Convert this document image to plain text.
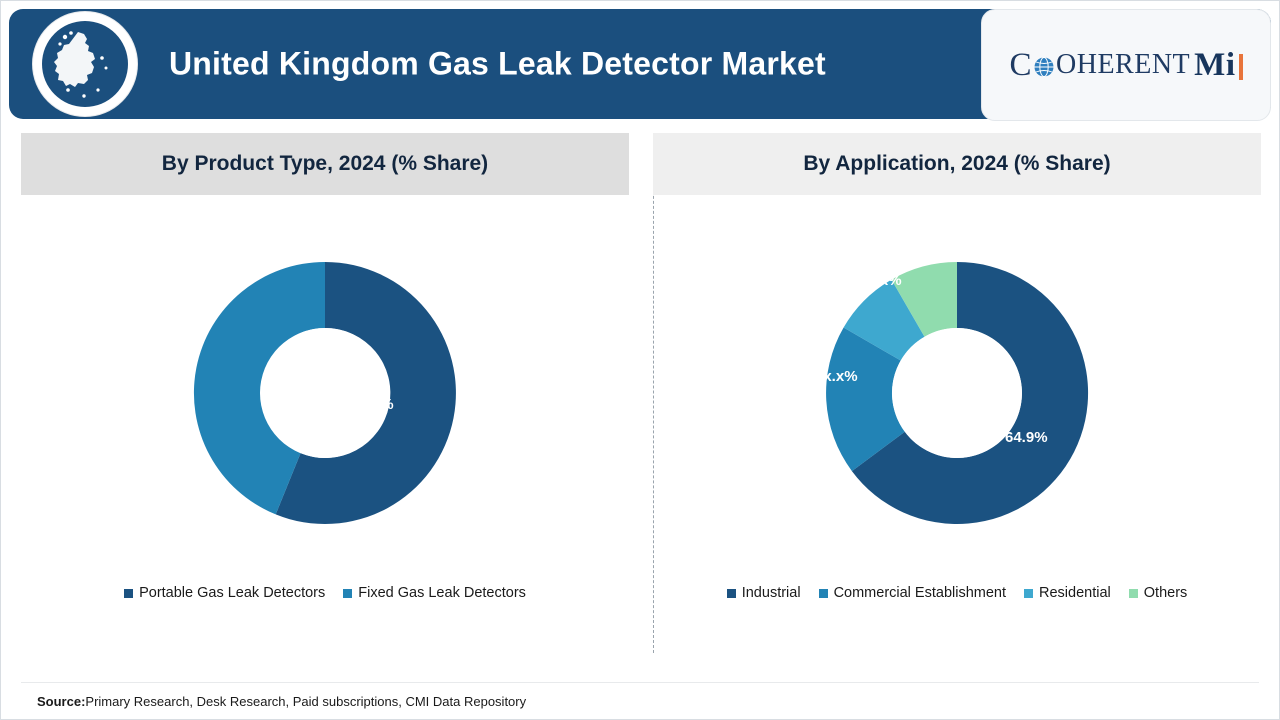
United Kingdom Gas Leak Detector Market	C OHERENT Mi
By Product Type, 2024 (% Share)
57.6%
xx.x%
Portable Gas Leak Detectors Fixed Gas Leak Detectors
By Application, 2024 (% Share)
64.9%
xx.x%
xx.x%
xx.x%
Industrial Commercial Establishment Residential Others
Source: Primary Research, Desk Research, Paid subscriptions, CMI Data Repository
